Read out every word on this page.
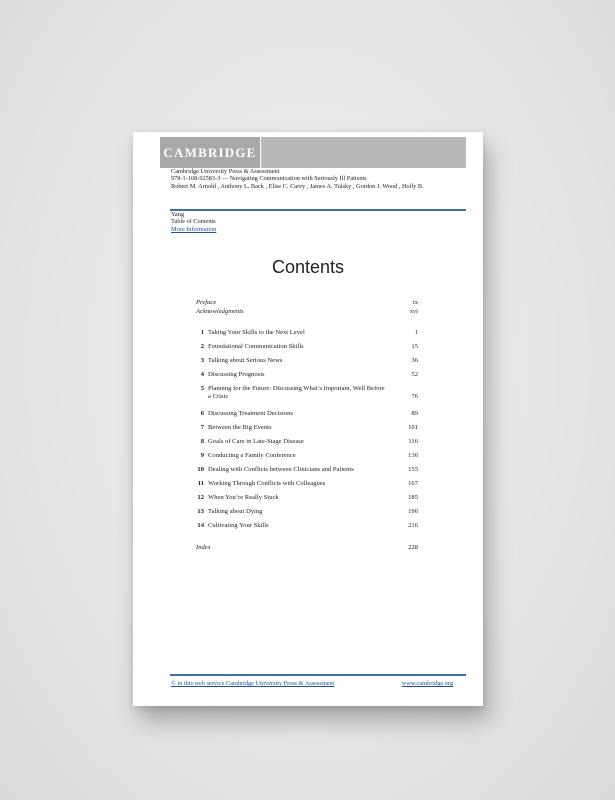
CAMBRIDGE
Cambridge University Press & Assessment
978-1-108-92583-3 — Navigating Communication with Seriously Ill Patients
Robert M. Arnold , Anthony L. Back , Elise C. Carey , James A. Tulsky , Gordon J. Wood , Holly B.
Yang
Table of Contents
More Information
Contents
Preface	ix
Acknowledgments	xvi
1 Taking Your Skills to the Next Level	1
2 Foundational Communication Skills	15
3 Talking about Serious News	36
4 Discussing Prognosis	52
5 Planning for the Future: Discussing What’s Important, Well Before a Crisis	76
6 Discussing Treatment Decisions	89
7 Between the Big Events	101
8 Goals of Care in Late-Stage Disease	116
9 Conducting a Family Conference	136
10 Dealing with Conflicts between Clinicians and Patients	155
11 Working Through Conflicts with Colleagues	167
12 When You’re Really Stuck	185
13 Talking about Dying	196
14 Cultivating Your Skills	216
Index	228
© in this web service Cambridge University Press & Assessment	www.cambridge.org
